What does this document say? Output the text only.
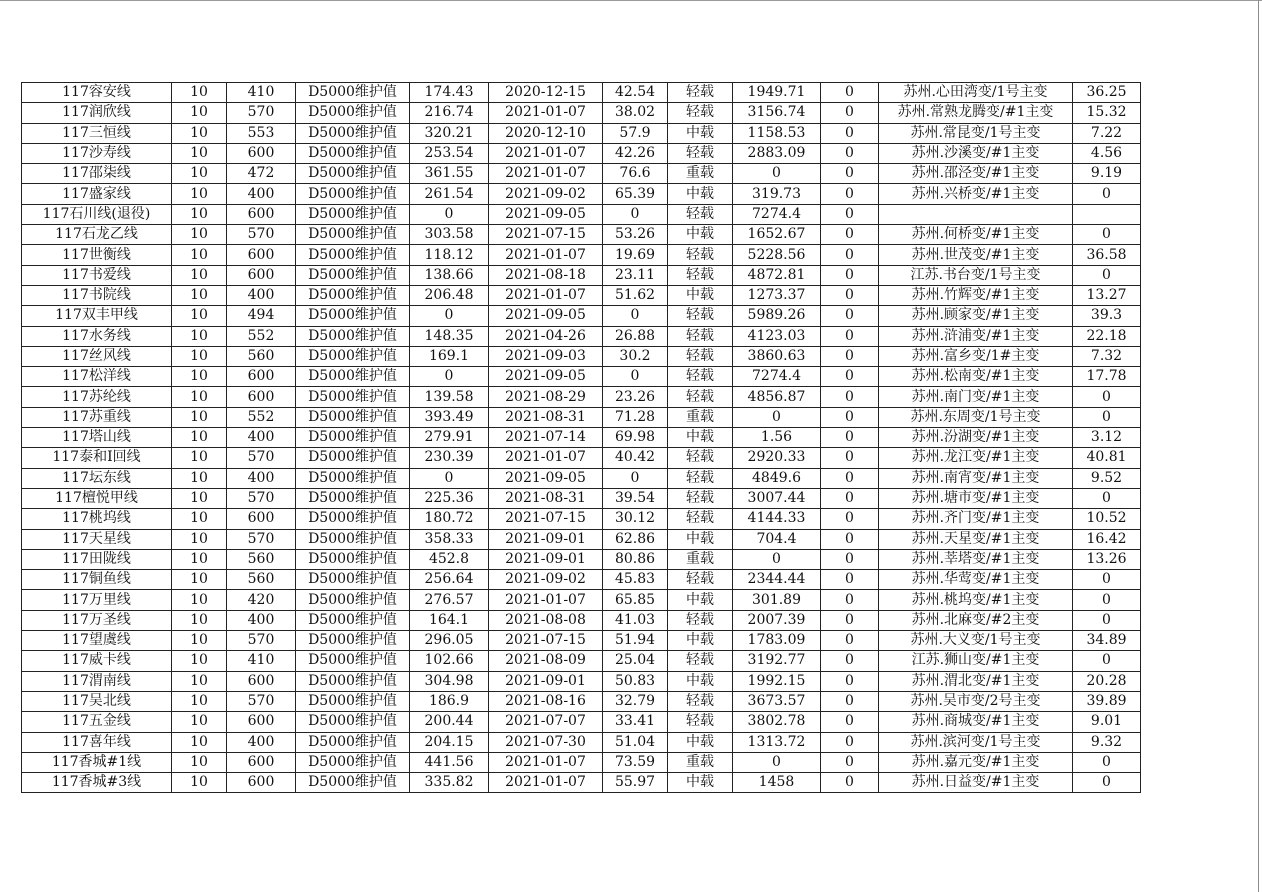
117容安线	10	410	D5000维护值	174.43	2020-12-15	42.54	轻载	1949.71	0	苏州.心田湾变/1号主变	36.25
117润欣线	10	570	D5000维护值	216.74	2021-01-07	38.02	轻载	3156.74	0	苏州.常熟龙腾变/#1主变	15.32
117三恒线	10	553	D5000维护值	320.21	2020-12-10	57.9	中载	1158.53	0	苏州.常昆变/1号主变	7.22
117沙寿线	10	600	D5000维护值	253.54	2021-01-07	42.26	轻载	2883.09	0	苏州.沙溪变/#1主变	4.56
117邵柒线	10	472	D5000维护值	361.55	2021-01-07	76.6	重载	0	0	苏州.邵泾变/#1主变	9.19
117盛家线	10	400	D5000维护值	261.54	2021-09-02	65.39	中载	319.73	0	苏州.兴桥变/#1主变	0
117石川线(退役)	10	600	D5000维护值	0	2021-09-05	0	轻载	7274.4	0		
117石龙乙线	10	570	D5000维护值	303.58	2021-07-15	53.26	中载	1652.67	0	苏州.何桥变/#1主变	0
117世衡线	10	600	D5000维护值	118.12	2021-01-07	19.69	轻载	5228.56	0	苏州.世茂变/#1主变	36.58
117书爱线	10	600	D5000维护值	138.66	2021-08-18	23.11	轻载	4872.81	0	江苏.书台变/1号主变	0
117书院线	10	400	D5000维护值	206.48	2021-01-07	51.62	中载	1273.37	0	苏州.竹辉变/#1主变	13.27
117双丰甲线	10	494	D5000维护值	0	2021-09-05	0	轻载	5989.26	0	苏州.顾家变/#1主变	39.3
117水务线	10	552	D5000维护值	148.35	2021-04-26	26.88	轻载	4123.03	0	苏州.浒浦变/#1主变	22.18
117丝风线	10	560	D5000维护值	169.1	2021-09-03	30.2	轻载	3860.63	0	苏州.富乡变/1#主变	7.32
117松洋线	10	600	D5000维护值	0	2021-09-05	0	轻载	7274.4	0	苏州.松南变/#1主变	17.78
117苏纶线	10	600	D5000维护值	139.58	2021-08-29	23.26	轻载	4856.87	0	苏州.南门变/#1主变	0
117苏重线	10	552	D5000维护值	393.49	2021-08-31	71.28	重载	0	0	苏州.东周变/1号主变	0
117塔山线	10	400	D5000维护值	279.91	2021-07-14	69.98	中载	1.56	0	苏州.汾湖变/#1主变	3.12
117泰和Ⅰ回线	10	570	D5000维护值	230.39	2021-01-07	40.42	轻载	2920.33	0	苏州.龙江变/#1主变	40.81
117坛东线	10	400	D5000维护值	0	2021-09-05	0	轻载	4849.6	0	苏州.南宵变/#1主变	9.52
117檀悦甲线	10	570	D5000维护值	225.36	2021-08-31	39.54	轻载	3007.44	0	苏州.塘市变/#1主变	0
117桃坞线	10	600	D5000维护值	180.72	2021-07-15	30.12	轻载	4144.33	0	苏州.齐门变/#1主变	10.52
117天星线	10	570	D5000维护值	358.33	2021-09-01	62.86	中载	704.4	0	苏州.天星变/#1主变	16.42
117田陇线	10	560	D5000维护值	452.8	2021-09-01	80.86	重载	0	0	苏州.莘塔变/#1主变	13.26
117铜鱼线	10	560	D5000维护值	256.64	2021-09-02	45.83	轻载	2344.44	0	苏州.华莺变/#1主变	0
117万里线	10	420	D5000维护值	276.57	2021-01-07	65.85	中载	301.89	0	苏州.桃坞变/#1主变	0
117万圣线	10	400	D5000维护值	164.1	2021-08-08	41.03	轻载	2007.39	0	苏州.北麻变/#2主变	0
117望虞线	10	570	D5000维护值	296.05	2021-07-15	51.94	中载	1783.09	0	苏州.大义变/1号主变	34.89
117威卡线	10	410	D5000维护值	102.66	2021-08-09	25.04	轻载	3192.77	0	江苏.狮山变/#1主变	0
117渭南线	10	600	D5000维护值	304.98	2021-09-01	50.83	中载	1992.15	0	苏州.渭北变/#1主变	20.28
117吴北线	10	570	D5000维护值	186.9	2021-08-16	32.79	轻载	3673.57	0	苏州.吴市变/2号主变	39.89
117五金线	10	600	D5000维护值	200.44	2021-07-07	33.41	轻载	3802.78	0	苏州.商城变/#1主变	9.01
117喜年线	10	400	D5000维护值	204.15	2021-07-30	51.04	中载	1313.72	0	苏州.滨河变/1号主变	9.32
117香城#1线	10	600	D5000维护值	441.56	2021-01-07	73.59	重载	0	0	苏州.嘉元变/#1主变	0
117香城#3线	10	600	D5000维护值	335.82	2021-01-07	55.97	中载	1458	0	苏州.日益变/#1主变	0
